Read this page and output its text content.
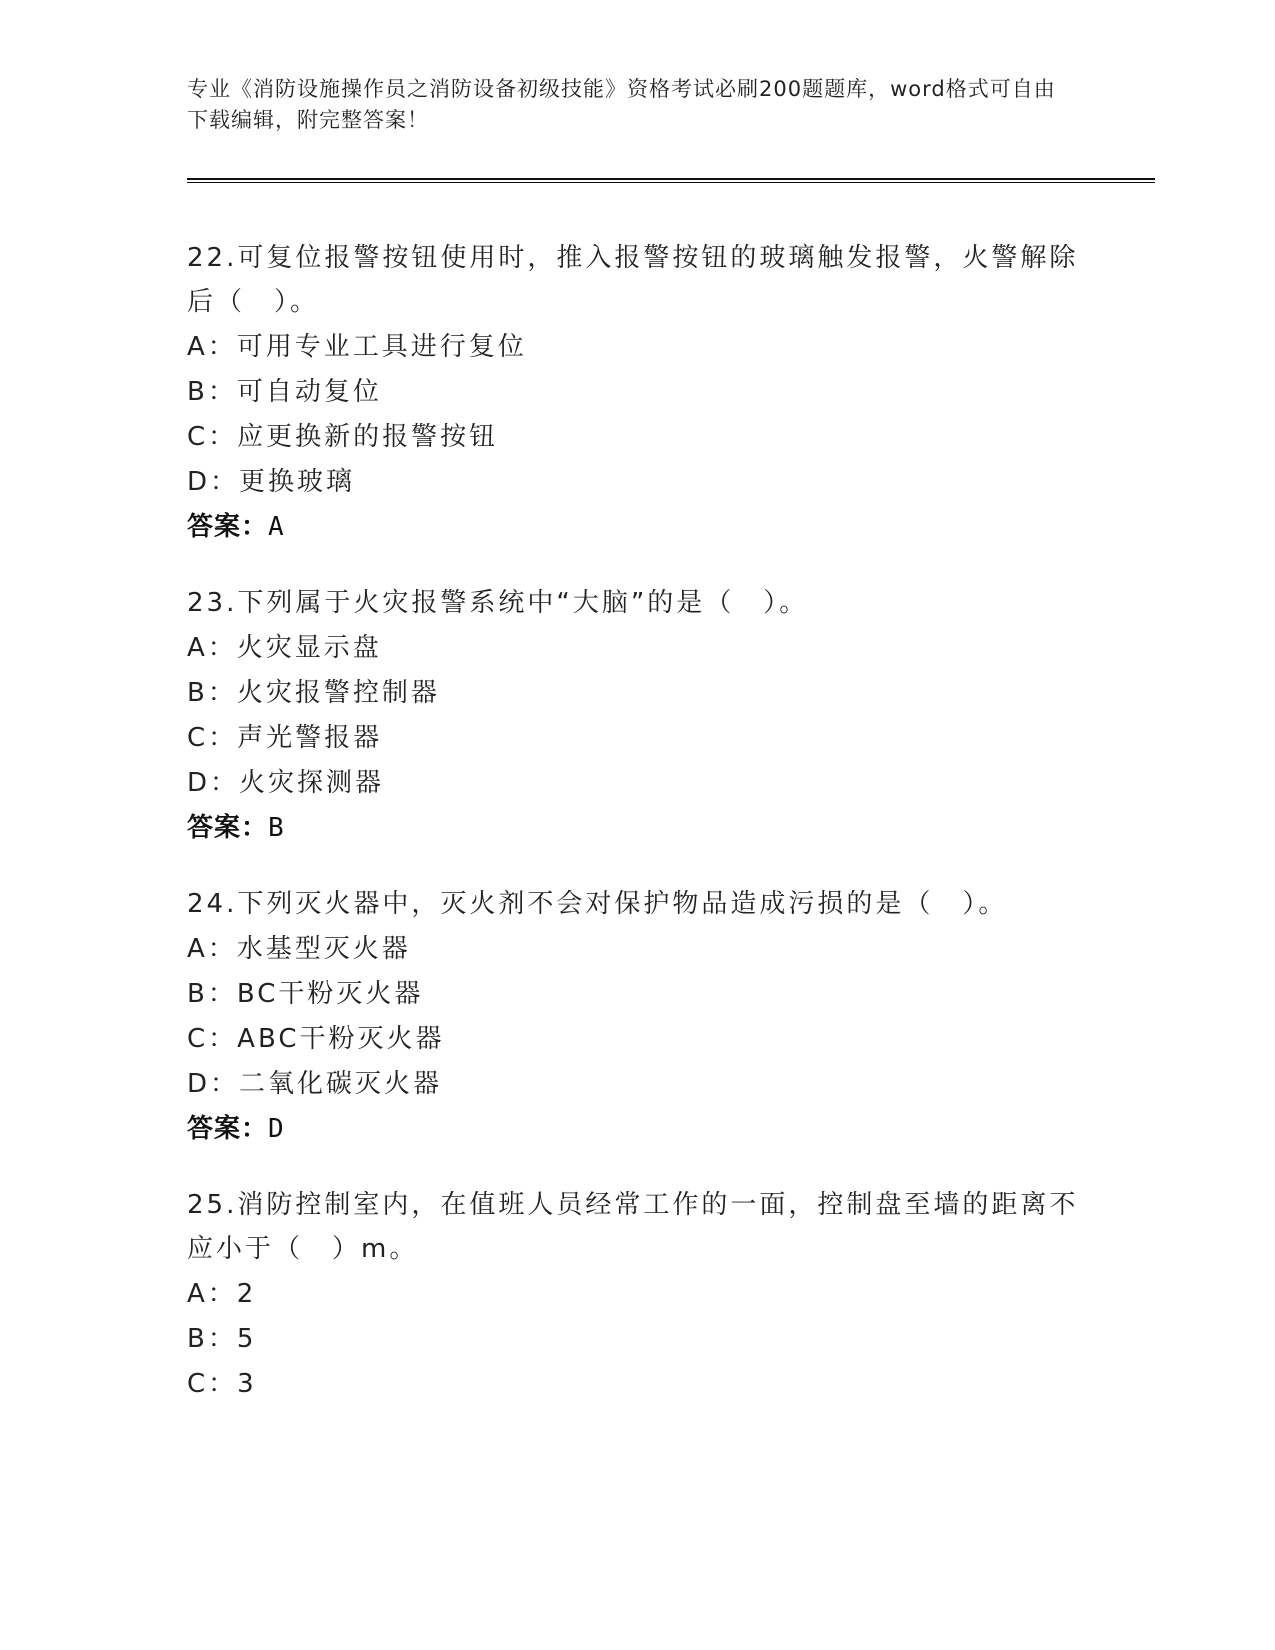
专业《消防设施操作员之消防设备初级技能》资格考试必刷200题题库，word格式可自由下载编辑，附完整答案！
22.可复位报警按钮使用时，推入报警按钮的玻璃触发报警，火警解除后（　）。
A：可用专业工具进行复位
B：可自动复位
C：应更换新的报警按钮
D：更换玻璃
答案：A
23.下列属于火灾报警系统中“大脑”的是（　）。
A：火灾显示盘
B：火灾报警控制器
C：声光警报器
D：火灾探测器
答案：B
24.下列灭火器中，灭火剂不会对保护物品造成污损的是（　）。
A：水基型灭火器
B：BC干粉灭火器
C：ABC干粉灭火器
D：二氧化碳灭火器
答案：D
25.消防控制室内，在值班人员经常工作的一面，控制盘至墙的距离不应小于（　）m。
A：2
B：5
C：3
